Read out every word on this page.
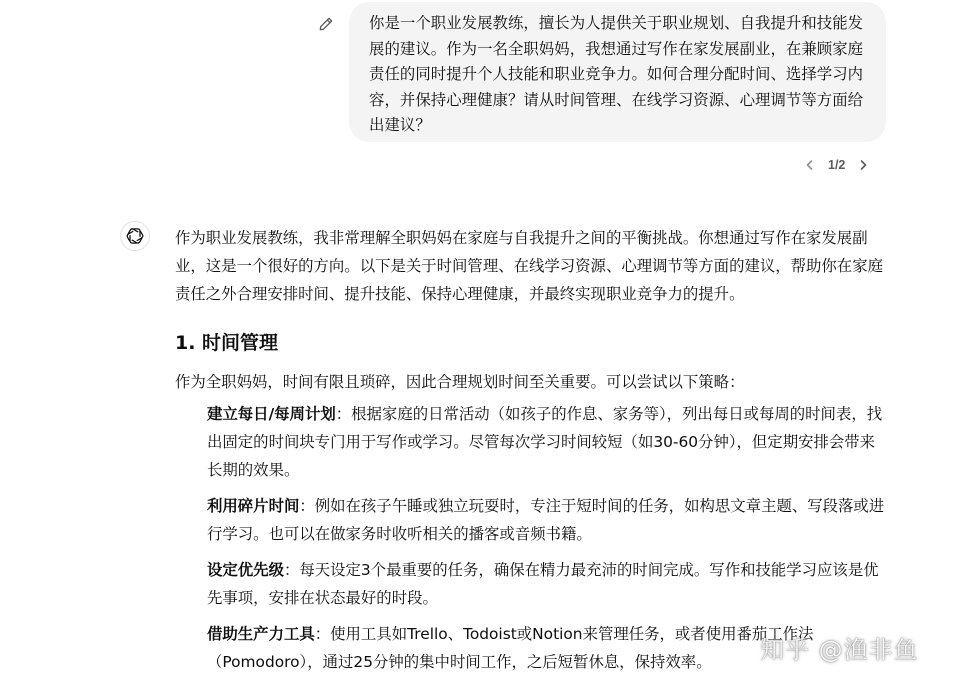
你是一个职业发展教练，擅长为人提供关于职业规划、自我提升和技能发展的建议。作为一名全职妈妈，我想通过写作在家发展副业，在兼顾家庭责任的同时提升个人技能和职业竞争力。如何合理分配时间、选择学习内容，并保持心理健康？请从时间管理、在线学习资源、心理调节等方面给出建议？
1/2

作为职业发展教练，我非常理解全职妈妈在家庭与自我提升之间的平衡挑战。你想通过写作在家发展副业，这是一个很好的方向。以下是关于时间管理、在线学习资源、心理调节等方面的建议，帮助你在家庭责任之外合理安排时间、提升技能、保持心理健康，并最终实现职业竞争力的提升。

1. 时间管理

作为全职妈妈，时间有限且琐碎，因此合理规划时间至关重要。可以尝试以下策略：

建立每日/每周计划：根据家庭的日常活动（如孩子的作息、家务等），列出每日或每周的时间表，找出固定的时间块专门用于写作或学习。尽管每次学习时间较短（如30-60分钟），但定期安排会带来长期的效果。
利用碎片时间：例如在孩子午睡或独立玩耍时，专注于短时间的任务，如构思文章主题、写段落或进行学习。也可以在做家务时收听相关的播客或音频书籍。
设定优先级：每天设定3个最重要的任务，确保在精力最充沛的时间完成。写作和技能学习应该是优先事项，安排在状态最好的时段。
借助生产力工具：使用工具如Trello、Todoist或Notion来管理任务，或者使用番茄工作法（Pomodoro），通过25分钟的集中时间工作，之后短暂休息，保持效率。	知乎 @渔非鱼
